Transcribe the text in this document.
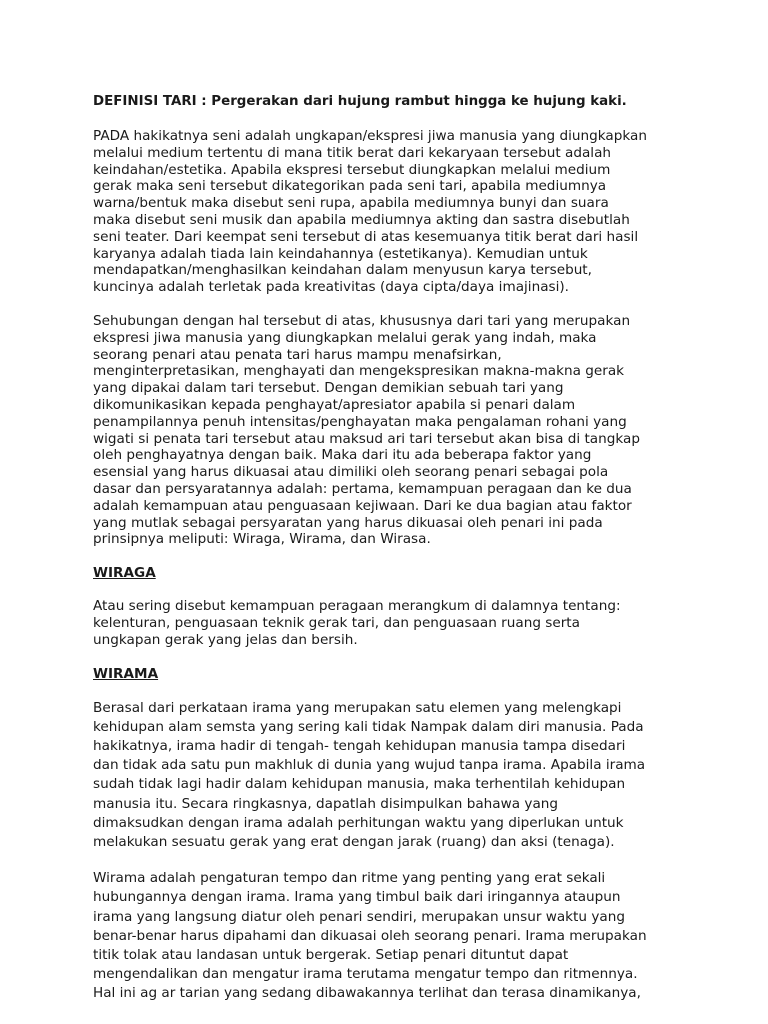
DEFINISI TARI : Pergerakan dari hujung rambut hingga ke hujung kaki.
PADA hakikatnya seni adalah ungkapan/ekspresi jiwa manusia yang diungkapkan
melalui medium tertentu di mana titik berat dari kekaryaan tersebut adalah
keindahan/estetika. Apabila ekspresi tersebut diungkapkan melalui medium
gerak maka seni tersebut dikategorikan pada seni tari, apabila mediumnya
warna/bentuk maka disebut seni rupa, apabila mediumnya bunyi dan suara
maka disebut seni musik dan apabila mediumnya akting dan sastra disebutlah
seni teater. Dari keempat seni tersebut di atas kesemuanya titik berat dari hasil
karyanya adalah tiada lain keindahannya (estetikanya). Kemudian untuk
mendapatkan/menghasilkan keindahan dalam menyusun karya tersebut,
kuncinya adalah terletak pada kreativitas (daya cipta/daya imajinasi).
Sehubungan dengan hal tersebut di atas, khususnya dari tari yang merupakan
ekspresi jiwa manusia yang diungkapkan melalui gerak yang indah, maka
seorang penari atau penata tari harus mampu menafsirkan,
menginterpretasikan, menghayati dan mengekspresikan makna-makna gerak
yang dipakai dalam tari tersebut. Dengan demikian sebuah tari yang
dikomunikasikan kepada penghayat/apresiator apabila si penari dalam
penampilannya penuh intensitas/penghayatan maka pengalaman rohani yang
wigati si penata tari tersebut atau maksud ari tari tersebut akan bisa di tangkap
oleh penghayatnya dengan baik. Maka dari itu ada beberapa faktor yang
esensial yang harus dikuasai atau dimiliki oleh seorang penari sebagai pola
dasar dan persyaratannya adalah: pertama, kemampuan peragaan dan ke dua
adalah kemampuan atau penguasaan kejiwaan. Dari ke dua bagian atau faktor
yang mutlak sebagai persyaratan yang harus dikuasai oleh penari ini pada
prinsipnya meliputi: Wiraga, Wirama, dan Wirasa.
WIRAGA
Atau sering disebut kemampuan peragaan merangkum di dalamnya tentang:
kelenturan, penguasaan teknik gerak tari, dan penguasaan ruang serta
ungkapan gerak yang jelas dan bersih.
WIRAMA
Berasal dari perkataan irama yang merupakan satu elemen yang melengkapi
kehidupan alam semsta yang sering kali tidak Nampak dalam diri manusia. Pada
hakikatnya, irama hadir di tengah- tengah kehidupan manusia tampa disedari
dan tidak ada satu pun makhluk di dunia yang wujud tanpa irama. Apabila irama
sudah tidak lagi hadir dalam kehidupan manusia, maka terhentilah kehidupan
manusia itu. Secara ringkasnya, dapatlah disimpulkan bahawa yang
dimaksudkan dengan irama adalah perhitungan waktu yang diperlukan untuk
melakukan sesuatu gerak yang erat dengan jarak (ruang) dan aksi (tenaga).
Wirama adalah pengaturan tempo dan ritme yang penting yang erat sekali
hubungannya dengan irama. Irama yang timbul baik dari iringannya ataupun
irama yang langsung diatur oleh penari sendiri, merupakan unsur waktu yang
benar-benar harus dipahami dan dikuasai oleh seorang penari. Irama merupakan
titik tolak atau landasan untuk bergerak. Setiap penari dituntut dapat
mengendalikan dan mengatur irama terutama mengatur tempo dan ritmennya.
Hal ini ag ar tarian yang sedang dibawakannya terlihat dan terasa dinamikanya,
